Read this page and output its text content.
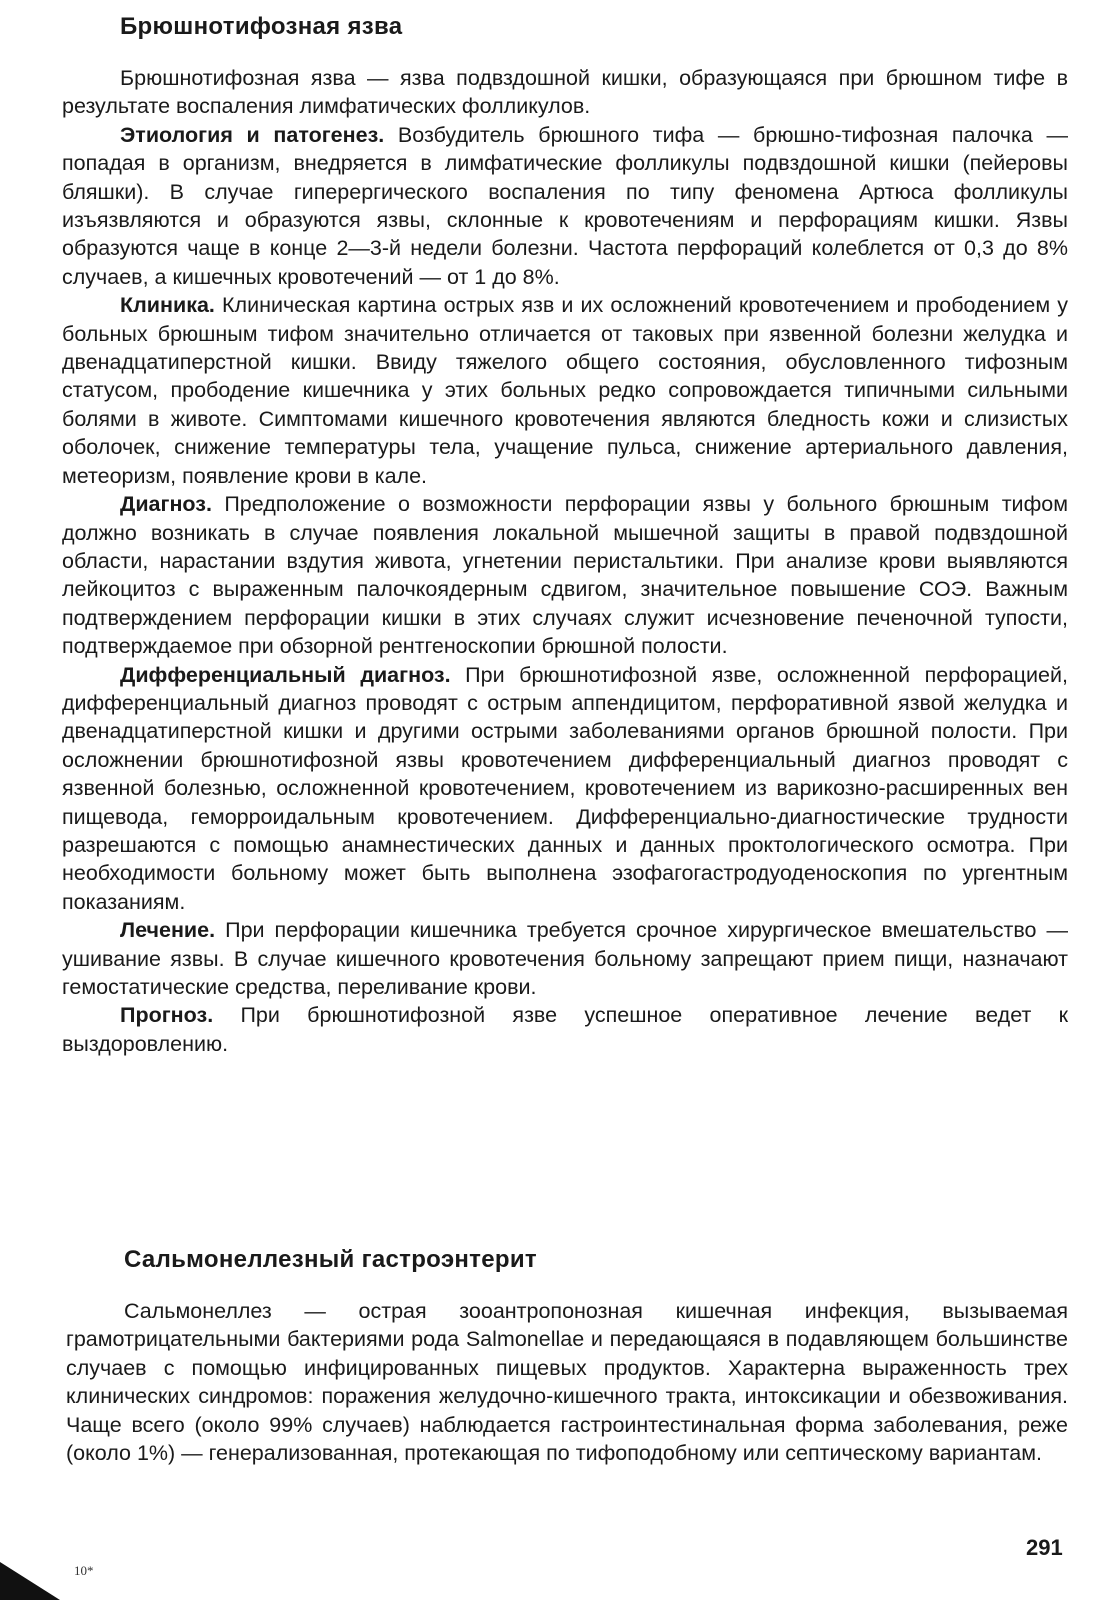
Брюшнотифозная язва

Брюшнотифозная язва — язва подвздошной кишки, образующаяся при брюшном тифе в результате воспаления лимфатических фолликулов.

Этиология и патогенез. Возбудитель брюшного тифа — брюшно-тифозная палочка — попадая в организм, внедряется в лимфатические фолликулы подвздошной кишки (пейеровы бляшки). В случае гиперергического воспаления по типу феномена Артюса фолликулы изъязвляются и образуются язвы, склонные к кровотечениям и перфорациям кишки. Язвы образуются чаще в конце 2—3-й недели болезни. Частота перфораций колеблется от 0,3 до 8% случаев, а кишечных кровотечений — от 1 до 8%.

Клиника. Клиническая картина острых язв и их осложнений кровотечением и прободением у больных брюшным тифом значительно отличается от таковых при язвенной болезни желудка и двенадцатиперстной кишки. Ввиду тяжелого общего состояния, обусловленного тифозным статусом, прободение кишечника у этих больных редко сопровождается типичными сильными болями в животе. Симптомами кишечного кровотечения являются бледность кожи и слизистых оболочек, снижение температуры тела, учащение пульса, снижение артериального давления, метеоризм, появление крови в кале.

Диагноз. Предположение о возможности перфорации язвы у больного брюшным тифом должно возникать в случае появления локальной мышечной защиты в правой подвздошной области, нарастании вздутия живота, угнетении перистальтики. При анализе крови выявляются лейкоцитоз с выраженным палочкоядерным сдвигом, значительное повышение СОЭ. Важным подтверждением перфорации кишки в этих случаях служит исчезновение печеночной тупости, подтверждаемое при обзорной рентгеноскопии брюшной полости.

Дифференциальный диагноз. При брюшнотифозной язве, осложненной перфорацией, дифференциальный диагноз проводят с острым аппендицитом, перфоративной язвой желудка и двенадцатиперстной кишки и другими острыми заболеваниями органов брюшной полости. При осложнении брюшнотифозной язвы кровотечением дифференциальный диагноз проводят с язвенной болезнью, осложненной кровотечением, кровотечением из варикозно-расширенных вен пищевода, геморроидальным кровотечением. Дифференциально-диагностические трудности разрешаются с помощью анамнестических данных и данных проктологического осмотра. При необходимости больному может быть выполнена эзофагогастродуоденоскопия по ургентным показаниям.

Лечение. При перфорации кишечника требуется срочное хирургическое вмешательство — ушивание язвы. В случае кишечного кровотечения больному запрещают прием пищи, назначают гемостатические средства, переливание крови.

Прогноз. При брюшнотифозной язве успешное оперативное лечение ведет к выздоровлению.

Сальмонеллезный гастроэнтерит

Сальмонеллез — острая зооантропонозная кишечная инфекция, вызываемая грамотрицательными бактериями рода Salmonellae и передающаяся в подавляющем большинстве случаев с помощью инфицированных пищевых продуктов. Характерна выраженность трех клинических синдромов: поражения желудочно-кишечного тракта, интоксикации и обезвоживания. Чаще всего (около 99% случаев) наблюдается гастроинтестинальная форма заболевания, реже (около 1%) — генерализованная, протекающая по тифоподобному или септическому вариантам.

291
10*
